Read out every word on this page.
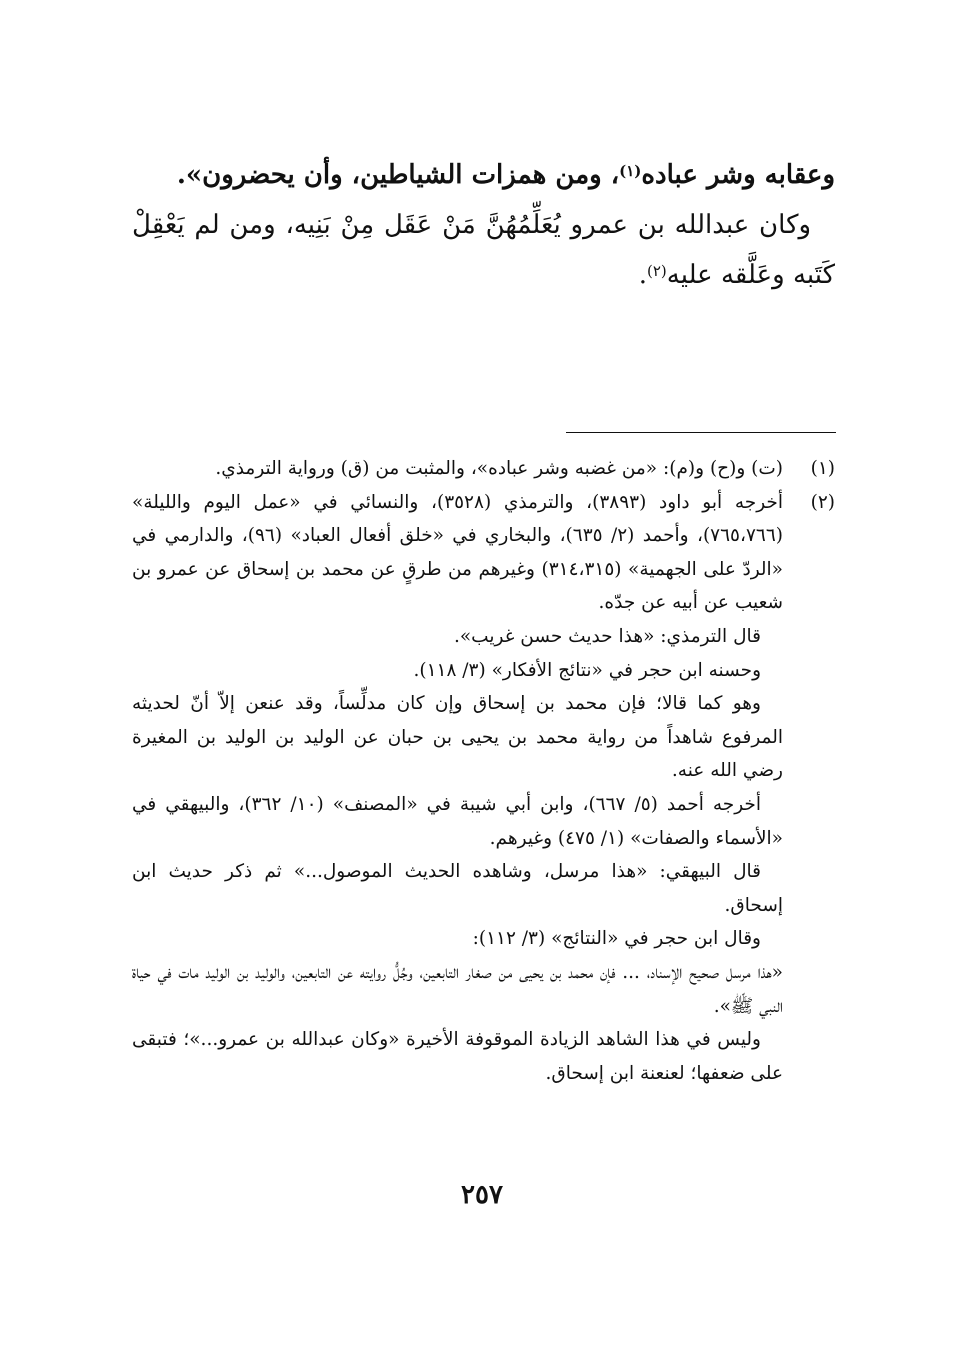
وعقابه وشر عباده$^{(١)}$، ومن همزات الشياطين، وأن يحضرون».

وكان عبدالله بن عمرو يُعَلِّمُهُنَّ مَنْ عَقَل مِنْ بَنِيه، ومن لم يَعْقِلْ كَتَبه وعَلَّقه عليه$^{(٢)}$.

(١)

(ت) و(ح) و(م): «من غضبه وشر عباده»، والمثبت من (ق) ورواية الترمذي.

(٢)

أخرجه أبو داود (٣٨٩٣)، والترمذي (٣٥٢٨)، والنسائي في «عمل اليوم والليلة» (٧٦٥،٧٦٦)، وأحمد (٢/ ٦٣٥)، والبخاري في «خلق أفعال العباد» (٩٦)، والدارمي في «الردّ على الجهمية» (٣١٤،٣١٥) وغيرهم من طرقٍ عن محمد بن إسحاق عن عمرو بن شعيب عن أبيه عن جدّه.

قال الترمذي: «هذا حديث حسن غريب».

وحسنه ابن حجر في «نتائج الأفكار» (٣/ ١١٨).

وهو كما قالا؛ فإن محمد بن إسحاق وإن كان مدلِّساً، وقد عنعن إلاّ أنّ لحديثه المرفوع شاهداً من رواية محمد بن يحيى بن حبان عن الوليد بن الوليد بن المغيرة رضي الله عنه.

أخرجه أحمد (٥/ ٦٦٧)، وابن أبي شيبة في «المصنف» (١٠/ ٣٦٢)، والبيهقي في «الأسماء والصفات» (١/ ٤٧٥) وغيرهم.

قال البيهقي: «هذا مرسل، وشاهده الحديث الموصول...» ثم ذكر حديث ابن إسحاق.

وقال ابن حجر في «النتائج» (٣/ ١١٢):

«هذا مرسل صحيح الإسناد، ... فإن محمد بن يحيى من صغار التابعين، وجُلُّ روايته عن التابعين، والوليد بن الوليد مات في حياة النبي ﷺ».

وليس في هذا الشاهد الزيادة الموقوفة الأخيرة «وكان عبدالله بن عمرو...»؛ فتبقى على ضعفها؛ لعنعنة ابن إسحاق.

٢٥٧
